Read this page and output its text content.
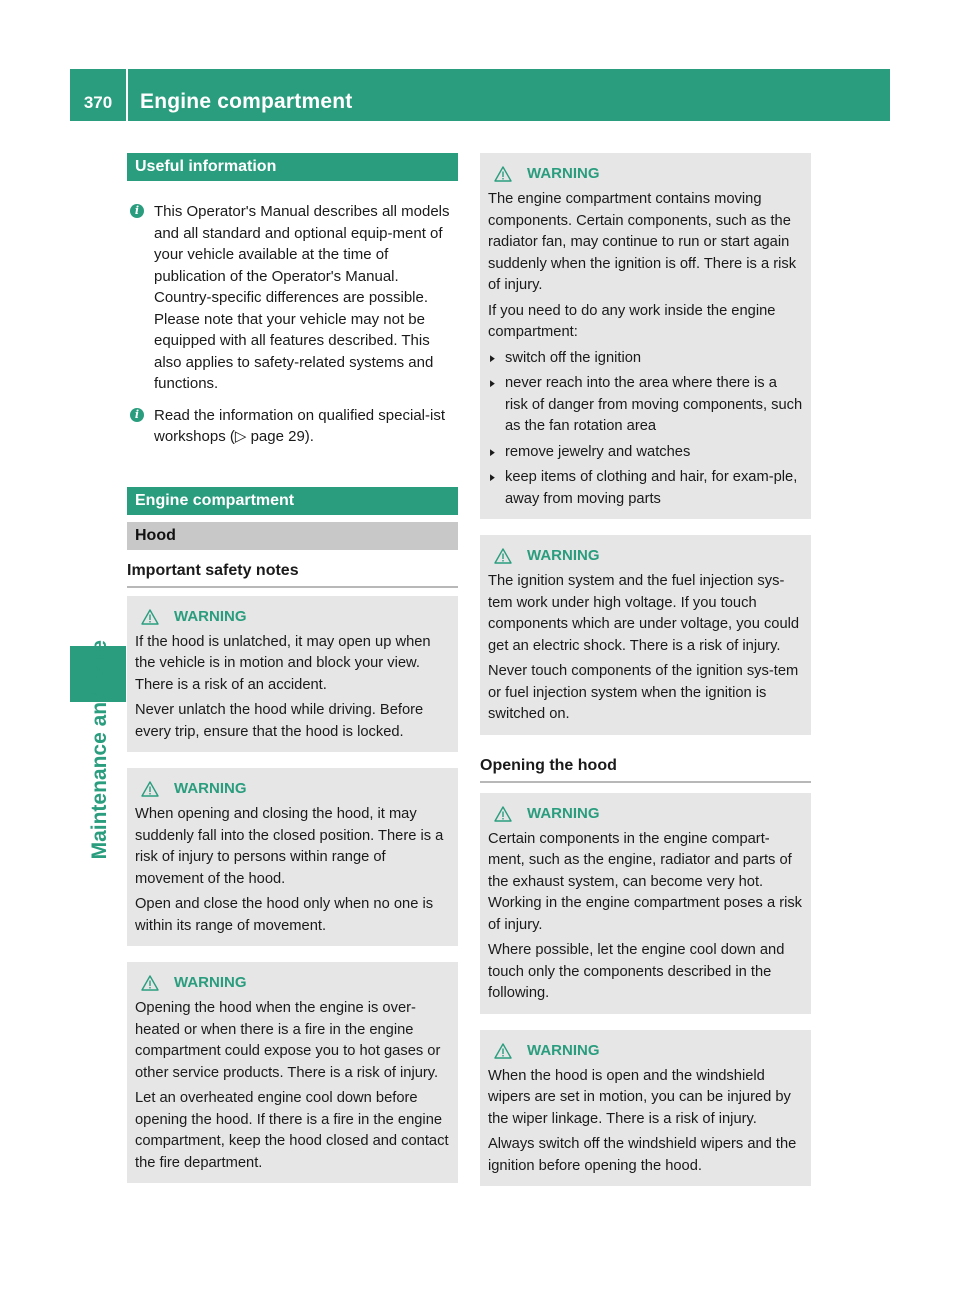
370	Engine compartment
Maintenance and care
Useful information
i This Operator's Manual describes all models and all standard and optional equip-ment of your vehicle available at the time of publication of the Operator's Manual. Country-specific differences are possible. Please note that your vehicle may not be equipped with all features described. This also applies to safety-related systems and functions.
i Read the information on qualified special-ist workshops (▷ page 29).
Engine compartment
Hood
Important safety notes
WARNING

If the hood is unlatched, it may open up when the vehicle is in motion and block your view. There is a risk of an accident.

Never unlatch the hood while driving. Before every trip, ensure that the hood is locked.

WARNING

When opening and closing the hood, it may suddenly fall into the closed position. There is a risk of injury to persons within range of movement of the hood.

Open and close the hood only when no one is within its range of movement.

WARNING

Opening the hood when the engine is over-heated or when there is a fire in the engine compartment could expose you to hot gases or other service products. There is a risk of injury.

Let an overheated engine cool down before opening the hood. If there is a fire in the engine compartment, keep the hood closed and contact the fire department.

WARNING

The engine compartment contains moving components. Certain components, such as the radiator fan, may continue to run or start again suddenly when the ignition is off. There is a risk of injury.

If you need to do any work inside the engine compartment:

▶ switch off the ignition
▶ never reach into the area where there is a risk of danger from moving components, such as the fan rotation area
▶ remove jewelry and watches
▶ keep items of clothing and hair, for exam-ple, away from moving parts
WARNING

The ignition system and the fuel injection sys-tem work under high voltage. If you touch components which are under voltage, you could get an electric shock. There is a risk of injury.

Never touch components of the ignition sys-tem or fuel injection system when the ignition is switched on.

Opening the hood
WARNING

Certain components in the engine compart-ment, such as the engine, radiator and parts of the exhaust system, can become very hot. Working in the engine compartment poses a risk of injury.

Where possible, let the engine cool down and touch only the components described in the following.

WARNING

When the hood is open and the windshield wipers are set in motion, you can be injured by the wiper linkage. There is a risk of injury.

Always switch off the windshield wipers and the ignition before opening the hood.
